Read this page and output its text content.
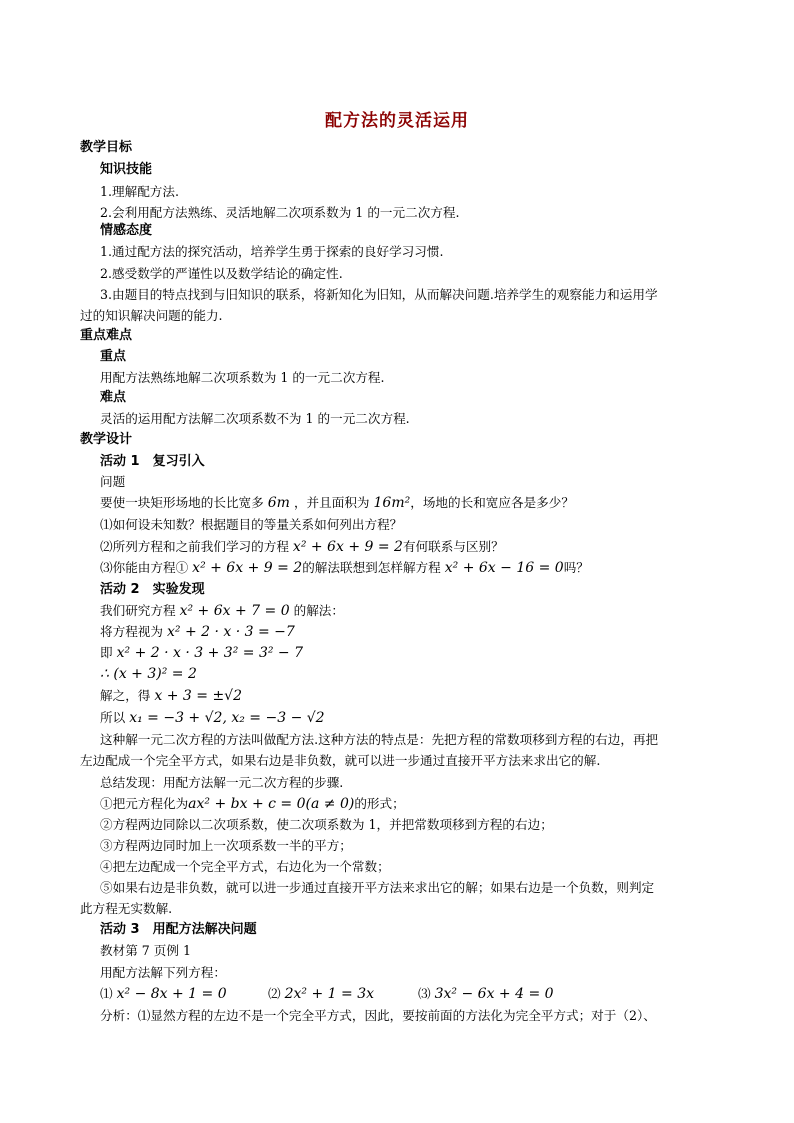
配方法的灵活运用
教学目标
知识技能
1.理解配方法.
2.会利用配方法熟练、灵活地解二次项系数为 1 的一元二次方程.
情感态度
1.通过配方法的探究活动，培养学生勇于探索的良好学习习惯.
2.感受数学的严谨性以及数学结论的确定性.
3.由题目的特点找到与旧知识的联系，将新知化为旧知，从而解决问题.培养学生的观察能力和运用学
过的知识解决问题的能力.
重点难点
重点
用配方法熟练地解二次项系数为 1 的一元二次方程.
难点
灵活的运用配方法解二次项系数不为 1 的一元二次方程.
教学设计
活动 1　复习引入
问题
要使一块矩形场地的长比宽多 6m ，并且面积为 16m²，场地的长和宽应各是多少？
⑴如何设未知数？根据题目的等量关系如何列出方程？
⑵所列方程和之前我们学习的方程 x² + 6x + 9 = 2有何联系与区别？
⑶你能由方程① x² + 6x + 9 = 2的解法联想到怎样解方程 x² + 6x − 16 = 0吗？
活动 2　实验发现
我们研究方程 x² + 6x + 7 = 0 的解法：
将方程视为 x² + 2 · x · 3 = −7
即 x² + 2 · x · 3 + 3² = 3² − 7
∴ (x + 3)² = 2
解之，得 x + 3 = ±√2
所以 x₁ = −3 + √2, x₂ = −3 − √2
这种解一元二次方程的方法叫做配方法.这种方法的特点是：先把方程的常数项移到方程的右边，再把
左边配成一个完全平方式，如果右边是非负数，就可以进一步通过直接开平方法来求出它的解.
总结发现：用配方法解一元二次方程的步骤.
①把元方程化为ax² + bx + c = 0(a ≠ 0)的形式；
②方程两边同除以二次项系数，使二次项系数为 1，并把常数项移到方程的右边；
③方程两边同时加上一次项系数一半的平方；
④把左边配成一个完全平方式，右边化为一个常数；
⑤如果右边是非负数，就可以进一步通过直接开平方法来求出它的解；如果右边是一个负数，则判定
此方程无实数解.
活动 3　用配方法解决问题
教材第 7 页例 1
用配方法解下列方程：
⑴ x² − 8x + 1 = 0	⑵ 2x² + 1 = 3x	⑶ 3x² − 6x + 4 = 0
分析：⑴显然方程的左边不是一个完全平方式，因此，要按前面的方法化为完全平方式；对于（2）、
